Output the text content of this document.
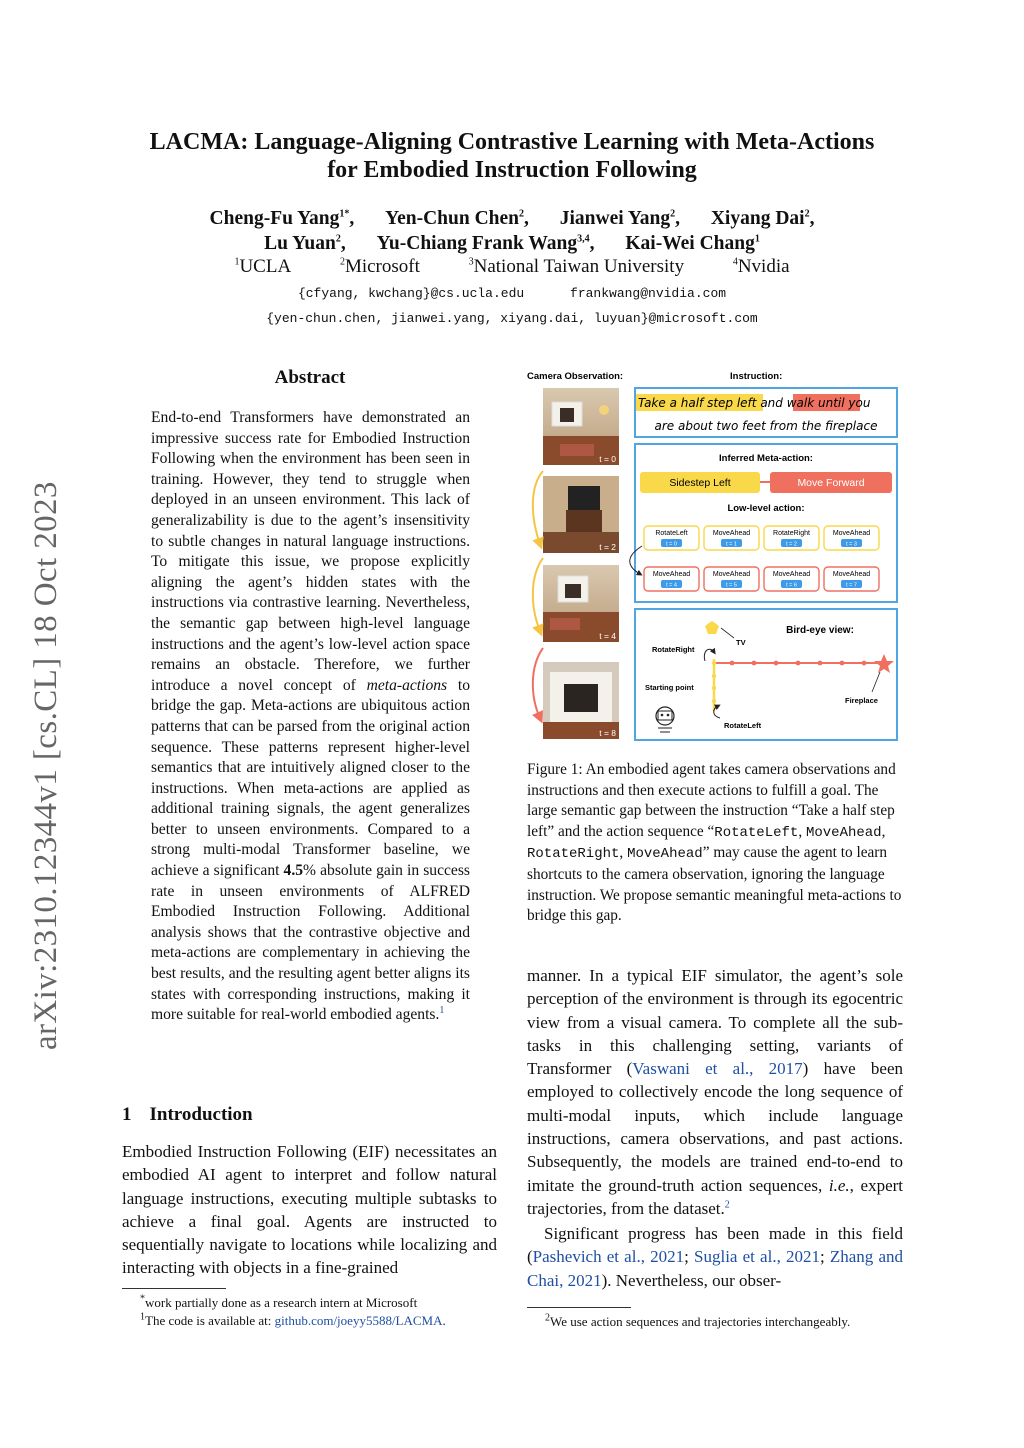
arXiv:2310.12344v1 [cs.CL] 18 Oct 2023
LACMA: Language-Aligning Contrastive Learning with Meta-Actions
for Embodied Instruction Following
Cheng-Fu Yang$^{1*}$, Yen-Chun Chen$^2$, Jianwei Yang$^2$, Xiyang Dai$^2$,
Lu Yuan$^2$, Yu-Chiang Frank Wang$^{3,4}$, Kai-Wei Chang$^1$
$^1$UCLA	$^2$Microsoft	$^3$National Taiwan University	$^4$Nvidia
{cfyang, kwchang}@cs.ucla.edu	frankwang@nvidia.com
{yen-chun.chen, jianwei.yang, xiyang.dai, luyuan}@microsoft.com
Abstract
End-to-end Transformers have demonstrated an impressive success rate for Embodied Instruction Following when the environment has been seen in training. However, they tend to struggle when deployed in an unseen environment. This lack of generalizability is due to the agent’s insensitivity to subtle changes in natural language instructions. To mitigate this issue, we propose explicitly aligning the agent’s hidden states with the instructions via contrastive learning. Nevertheless, the semantic gap between high-level language instructions and the agent’s low-level action space remains an obstacle. Therefore, we further introduce a novel concept of meta-actions to bridge the gap. Meta-actions are ubiquitous action patterns that can be parsed from the original action sequence. These patterns represent higher-level semantics that are intuitively aligned closer to the instructions. When meta-actions are applied as additional training signals, the agent generalizes better to unseen environments. Compared to a strong multi-modal Transformer baseline, we achieve a significant 4.5% absolute gain in success rate in unseen environments of ALFRED Embodied Instruction Following. Additional analysis shows that the contrastive objective and meta-actions are complementary in achieving the best results, and the resulting agent better aligns its states with corresponding instructions, making it more suitable for real-world embodied agents.$^1$
1 Introduction
Embodied Instruction Following (EIF) necessitates an embodied AI agent to interpret and follow natural language instructions, executing multiple subtasks to achieve a final goal. Agents are instructed to sequentially navigate to locations while localizing and interacting with objects in a fine-grained
*work partially done as a research intern at Microsoft
$^1$The code is available at: github.com/joeyy5588/LACMA.
Camera Observation:	Instruction:
t = 0
t = 2
t = 4
t = 8
Take a half step left and walk until you
are about two feet from the fireplace
Inferred Meta-action:
Sidestep Left	Move Forward
Low-level action:
RotateLeft
t = 0
MoveAhead
t = 1
RotateRight
t = 2
MoveAhead
t = 3
MoveAhead
t = 4
MoveAhead
t = 5
MoveAhead
t = 6
MoveAhead
t = 7
Bird-eye view:
TV
RotateRight
Starting point
Fireplace
RotateLeft
Figure 1: An embodied agent takes camera observations and instructions and then execute actions to fulfill a goal. The large semantic gap between the instruction “Take a half step left” and the action sequence “RotateLeft, MoveAhead, RotateRight, MoveAhead” may cause the agent to learn shortcuts to the camera observation, ignoring the language instruction. We propose semantic meaningful meta-actions to bridge this gap.
manner. In a typical EIF simulator, the agent’s sole perception of the environment is through its egocentric view from a visual camera. To complete all the sub-tasks in this challenging setting, variants of Transformer (Vaswani et al., 2017) have been employed to collectively encode the long sequence of multi-modal inputs, which include language instructions, camera observations, and past actions. Subsequently, the models are trained end-to-end to imitate the ground-truth action sequences, i.e., expert trajectories, from the dataset.$^2$
Significant progress has been made in this field (Pashevich et al., 2021; Suglia et al., 2021; Zhang and Chai, 2021). Nevertheless, our obser-
$^2$We use action sequences and trajectories interchangeably.
